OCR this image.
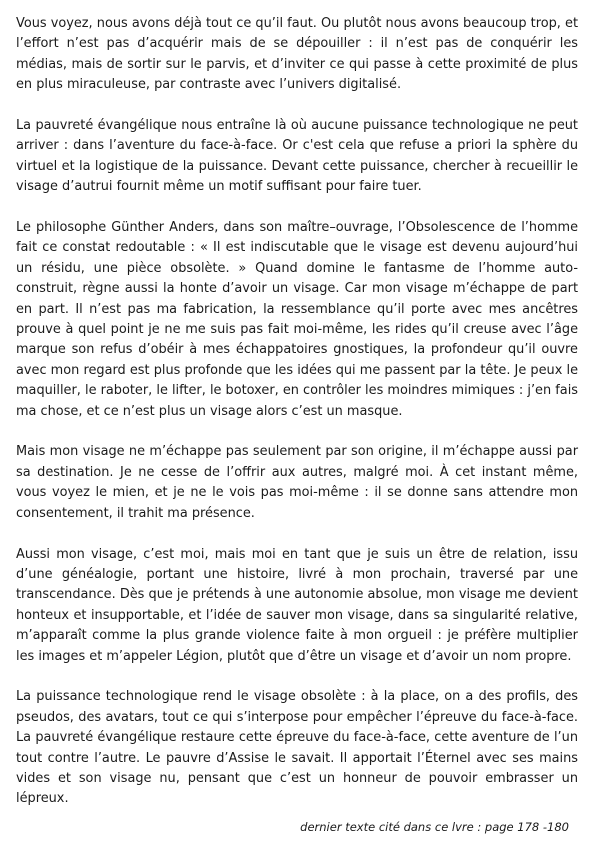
Vous voyez, nous avons déjà tout ce qu’il faut. Ou plutôt nous avons beaucoup trop, et l’effort n’est pas d’acquérir mais de se dépouiller : il n’est pas de conquérir les médias, mais de sortir sur le parvis, et d’inviter ce qui passe à cette proximité de plus en plus miraculeuse, par contraste avec l’univers digitalisé.

La pauvreté évangélique nous entraîne là où aucune puissance technologique ne peut arriver : dans l’aventure du face-à-face. Or c'est cela que refuse a priori la sphère du virtuel et la logistique de la puissance. Devant cette puissance, chercher à recueillir le visage d’autrui fournit même un motif suffisant pour faire tuer.

Le philosophe Günther Anders, dans son maître–ouvrage, l’Obsolescence de l’homme fait ce constat redoutable : « Il est indiscutable que le visage est devenu aujourd’hui un résidu, une pièce obsolète. » Quand domine le fantasme de l’homme auto-construit, règne aussi la honte d’avoir un visage. Car mon visage m’échappe de part en part. Il n’est pas ma fabrication, la ressemblance qu’il porte avec mes ancêtres prouve à quel point je ne me suis pas fait moi-même, les rides qu’il creuse avec l’âge marque son refus d’obéir à mes échappatoires gnostiques, la profondeur qu’il ouvre avec mon regard est plus profonde que les idées qui me passent par la tête. Je peux le maquiller, le raboter, le lifter, le botoxer, en contrôler les moindres mimiques : j’en fais ma chose, et ce n’est plus un visage alors c’est un masque.

Mais mon visage ne m’échappe pas seulement par son origine, il m’échappe aussi par sa destination. Je ne cesse de l’offrir aux autres, malgré moi. À cet instant même, vous voyez le mien, et je ne le vois pas moi-même : il se donne sans attendre mon consentement, il trahit ma présence.

Aussi mon visage, c’est moi, mais moi en tant que je suis un être de relation, issu d’une généalogie, portant une histoire, livré à mon prochain, traversé par une transcendance. Dès que je prétends à une autonomie absolue, mon visage me devient honteux et insupportable, et l’idée de sauver mon visage, dans sa singularité relative, m’apparaît comme la plus grande violence faite à mon orgueil : je préfère multiplier les images et m’appeler Légion, plutôt que d’être un visage et d’avoir un nom propre.

La puissance technologique rend le visage obsolète : à la place, on a des profils, des pseudos, des avatars, tout ce qui s’interpose pour empêcher l’épreuve du face-à-face. La pauvreté évangélique restaure cette épreuve du face-à-face, cette aventure de l’un tout contre l’autre. Le pauvre d’Assise le savait. Il apportait l’Éternel avec ses mains vides et son visage nu, pensant que c’est un honneur de pouvoir embrasser un lépreux.

dernier texte cité dans ce lvre : page 178 -180
